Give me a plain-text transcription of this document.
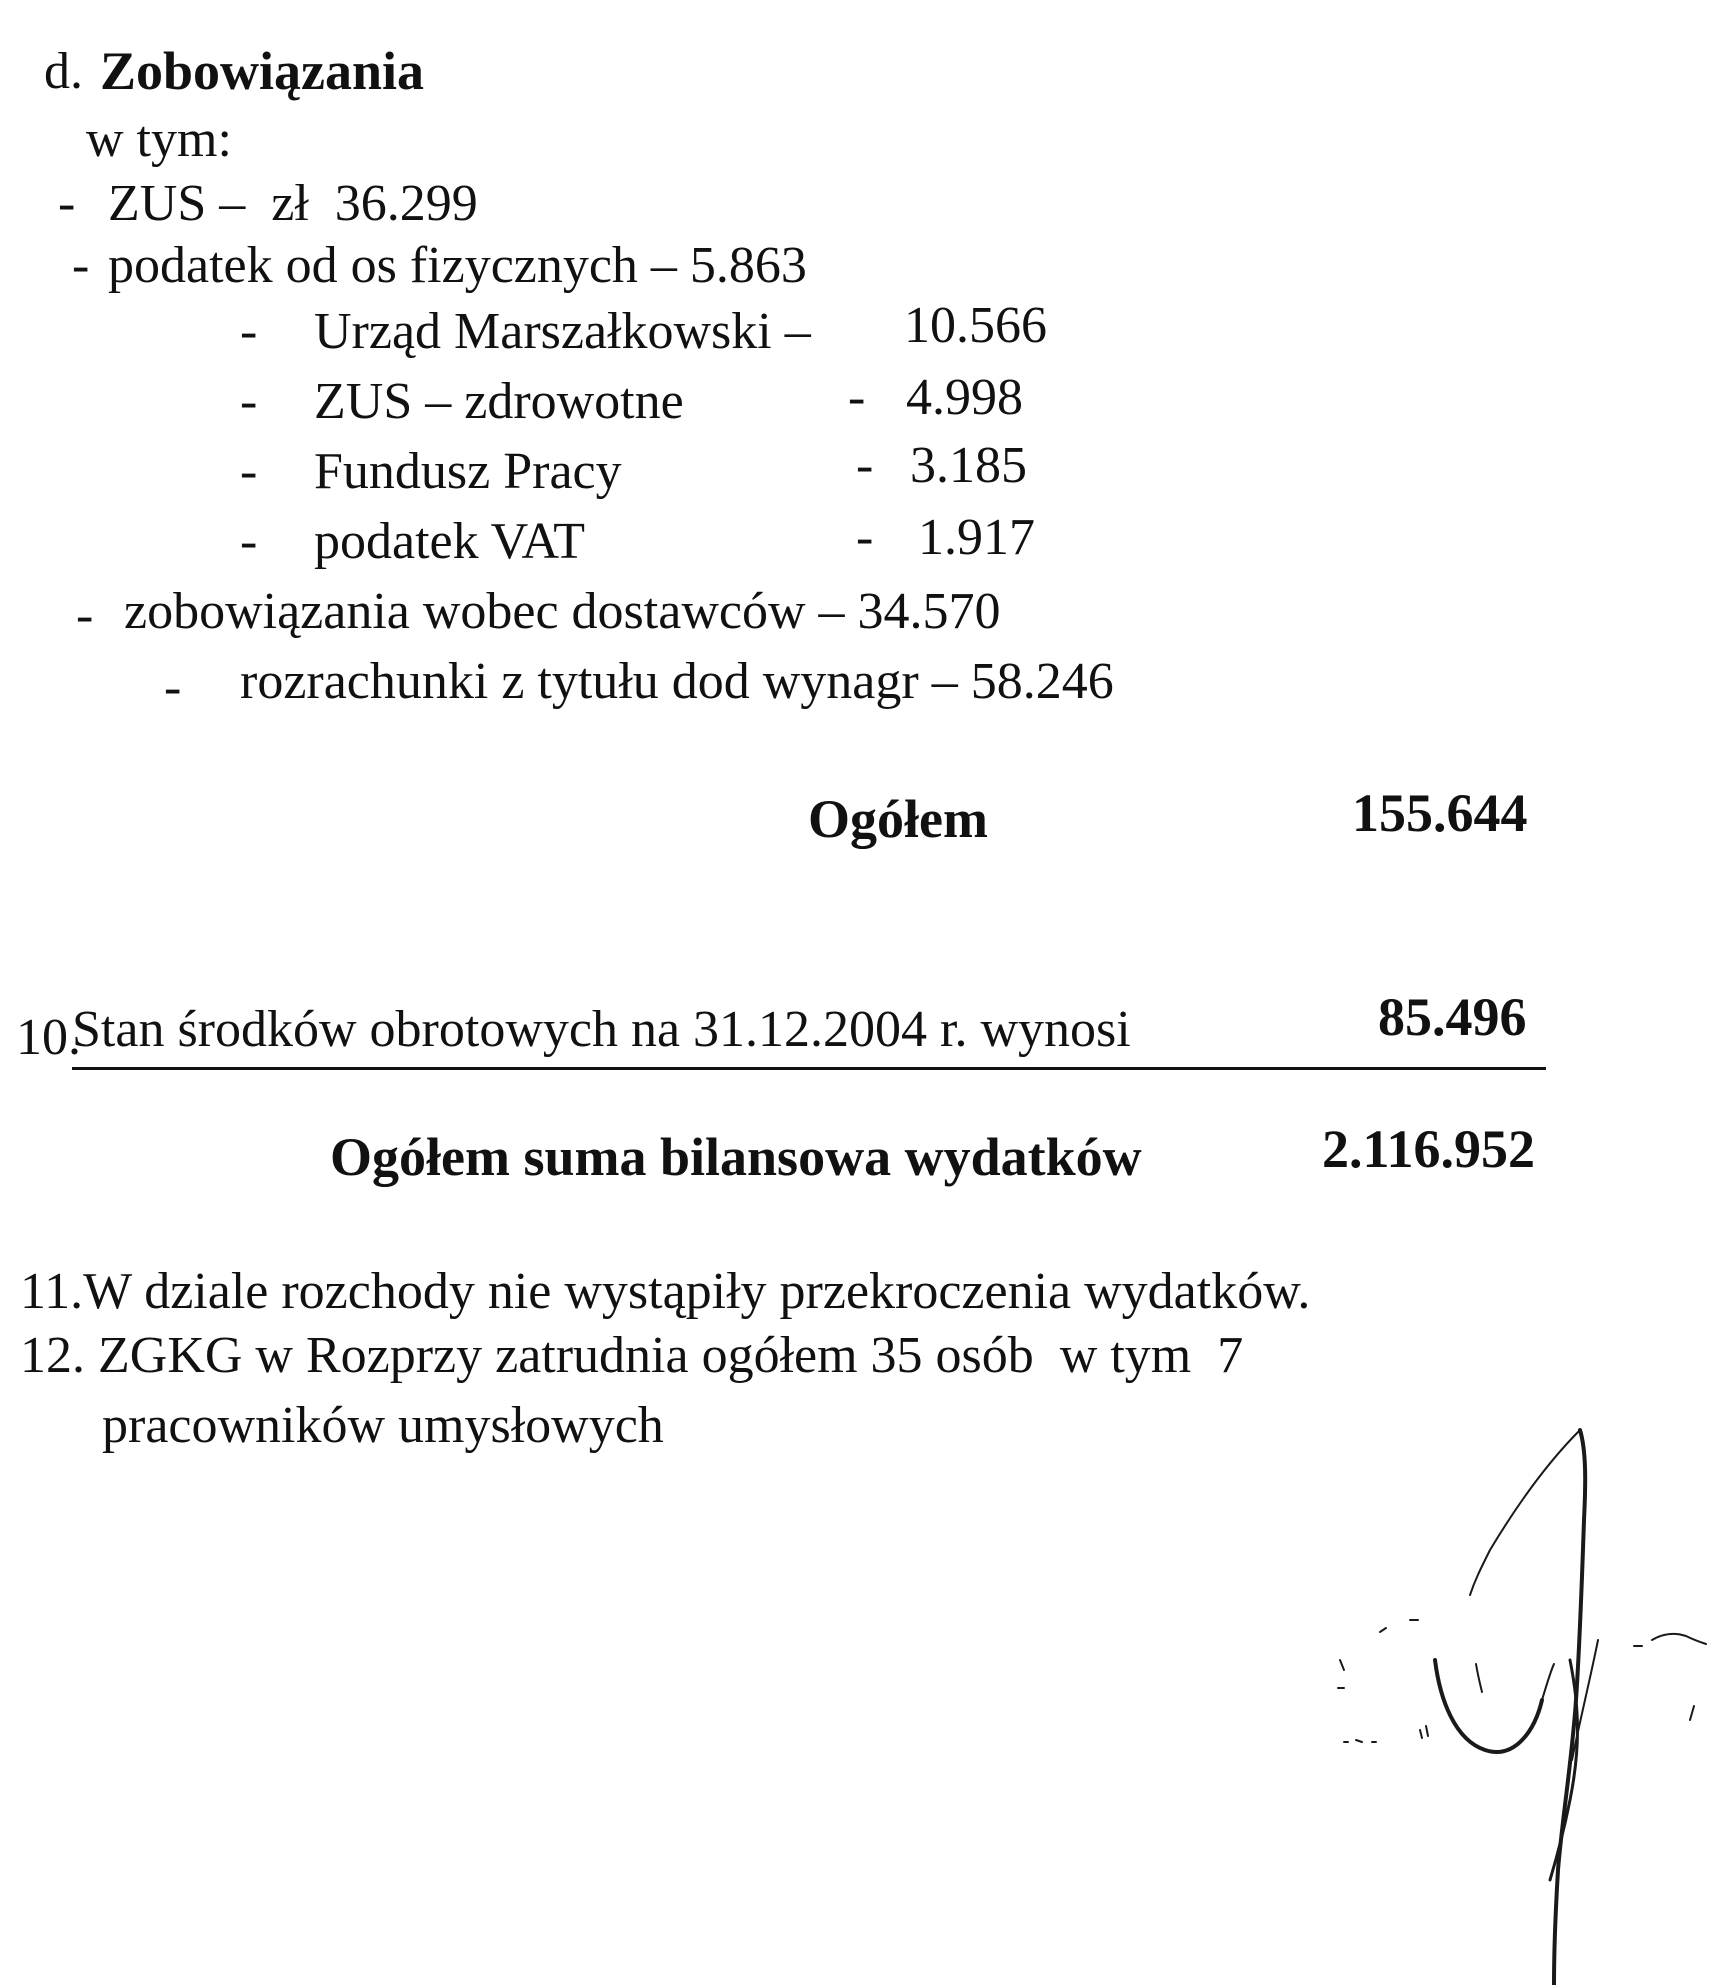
d. Zobowiązania
w tym:
- ZUS –  zł  36.299
- podatek od os fizycznych – 5.863
- Urząd Marszałkowski – 10.566
- ZUS – zdrowotne	- 4.998
- Fundusz Pracy	- 3.185
- podatek VAT	- 1.917
- zobowiązania wobec dostawców – 34.570
- rozrachunki z tytułu dod wynagr – 58.246
Ogółem	155.644
10.
Stan środków obrotowych na 31.12.2004 r. wynosi	85.496
Ogółem suma bilansowa wydatków	2.116.952
11.W dziale rozchody nie wystąpiły przekroczenia wydatków.
12. ZGKG w Rozprzy zatrudnia ogółem 35 osób  w tym  7
pracowników umysłowych
